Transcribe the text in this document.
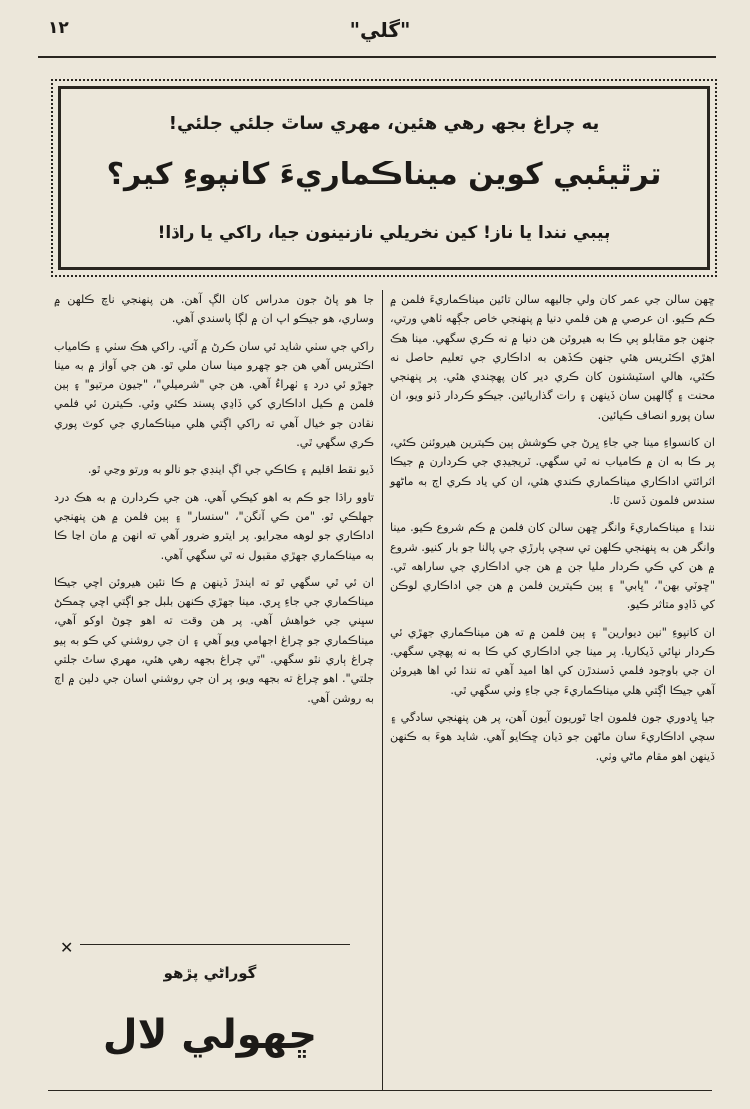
١٢	"گلي"
يه چراغ بجھ رهي هئين، مهري ساٿ جلئي جلئي!
ترٿيئبي کوين ميناڪماريءَ کانپوءِ کير؟
ٻيبي نندا يا ناز! کين نخريلي نازنينون جيا، راکي يا راڌا!

ڇهن سالن جي عمر کان ولي جاليهه سالن تائين ميناڪماريءَ فلمن ۾ ڪم ڪيو. ان عرصي ۾ هن فلمي دنيا ۾ پنهنجي خاص جڳهه ٺاهي ورتي، جنهن جو مقابلو ٻي ڪا به هيروئن هن دنيا ۾ نه ڪري سگهي. مينا هڪ اهڙي اڪٽريس هئي جنهن ڪڏهن به اداڪاري جي تعليم حاصل نه ڪئي، هالي اسٽيشنون کان ڪري دير کان پهچندي هئي. پر پنهنجي محنت ۽ ڳالهين سان ڏينهن ۽ رات گذاريائين. جيڪو ڪردار ڏنو ويو، ان سان پورو انصاف ڪيائين.

ان کانسواءِ مينا جي جاءِ ڀرڻ جي ڪوشش ٻين ڪيترين هيروئنن ڪئي، پر ڪا به ان ۾ ڪامياب نه ٿي سگهي. ٽريجيڊي جي ڪردارن ۾ جيڪا اثرائتي اداڪاري ميناڪماري ڪندي هئي، ان کي ياد ڪري اڄ به ماڻهو سندس فلمون ڏسن ٿا.

نندا ۽ ميناڪماريءَ وانگر ڇهن سالن کان فلمن ۾ ڪم شروع ڪيو. مينا وانگر هن به پنهنجي ڪلهن تي سڄي ٻارڙي جي پالنا جو بار کنيو. شروع ۾ هن کي ڪي ڪردار مليا جن ۾ هن جي اداڪاري جي ساراهه ٿي. "ڇوٽي بهن"، "ڀابي" ۽ ٻين ڪيترين فلمن ۾ هن جي اداڪاري لوڪن کي ڏاڍو متاثر ڪيو.

ان کانپوءِ "نين ديوارين" ۽ ٻين فلمن ۾ ته هن ميناڪماري جهڙي ئي ڪردار نڀائي ڏيکاريا. پر مينا جي اداڪاري کي ڪا به نه پهچي سگهي. ان جي باوجود فلمي ڏسندڙن کي اها اميد آهي ته نندا ئي اها هيروئن آهي جيڪا اڳتي هلي ميناڪماريءَ جي جاءِ وٺي سگهي ٿي.

جيا ڀادوري جون فلمون اڃا ٿوريون آيون آهن، پر هن پنهنجي سادگي ۽ سچي اداڪاريءَ سان ماڻهن جو ڌيان ڇڪايو آهي. شايد هوءَ به ڪنهن ڏينهن اهو مقام ماڻي وٺي.

جا هو پاڻ جون مدراس کان الڳ آهن. هن پنهنجي ناچ ڪلهن ۾ وساري، هو جيڪو اپ ان ۾ لڳا پاسندي آهي.

راکي جي سٺي شايد ئي سان ڪرڻ ۾ آئي. راکي هڪ سٺي ۽ ڪامياب اڪٽريس آهي هن جو چهرو مينا سان ملي ٿو. هن جي آواز ۾ به مينا جهڙو ئي درد ۽ ٺهراءُ آهي. هن جي "شرميلي"، "جيون مرتيو" ۽ ٻين فلمن ۾ ڪيل اداڪاري کي ڏاڍي پسند ڪئي وئي. ڪيترن ئي فلمي نقادن جو خيال آهي ته راکي اڳتي هلي ميناڪماري جي کوٽ پوري ڪري سگهي ٿي.

ڏيو نقط اقليم ۽ ڪاڪي جي اڳ اينڊي جو نالو به ورتو وڃي ٿو.

تاوو راڌا جو ڪم به اهو کيڪي آهي. هن جي ڪردارن ۾ به هڪ درد جهلڪي ٿو. "من ڪي آنگن"، "سنسار" ۽ ٻين فلمن ۾ هن پنهنجي اداڪاري جو لوهه مڃرايو. پر ايترو ضرور آهي ته انهن ۾ مان اڃا ڪا به ميناڪماري جهڙي مقبول نه ٿي سگهي آهي.

ان ئي ٿي سگهي ٿو ته ايندڙ ڏينهن ۾ ڪا نئين هيروئن اچي جيڪا ميناڪماري جي جاءِ ڀري. مينا جهڙي ڪنهن بلبل جو اڳتي اچي چمڪڻ سڀني جي خواهش آهي. پر هن وقت ته اهو چوڻ اوکو آهي، ميناڪماري جو چراغ اجهامي ويو آهي ۽ ان جي روشني کي ڪو به ٻيو چراغ ٻاري نٿو سگهي. "ٿي چراغ بجهه رهي هئي، مهري ساٿ جلتي جلتي". اهو چراغ ته بجهه ويو، پر ان جي روشني اسان جي دلين ۾ اڄ به روشن آهي.

✕
گوراڻي پڙهو
ڇهولي لال
